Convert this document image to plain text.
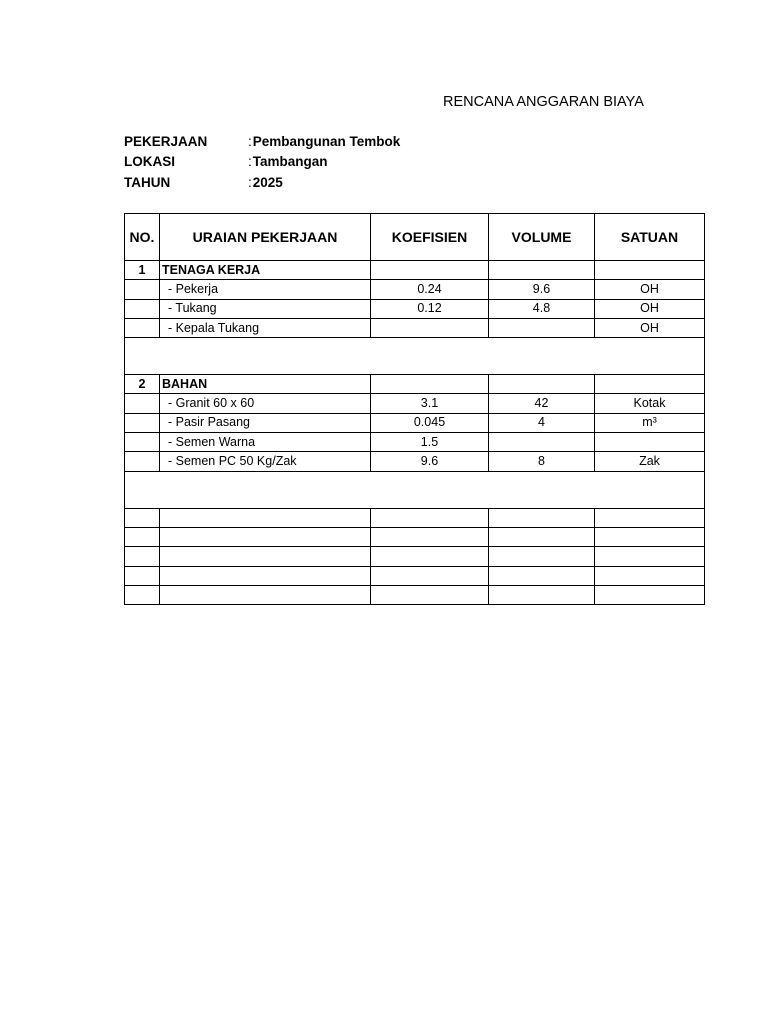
RENCANA ANGGARAN BIAYA
PEKERJAAN	:Pembangunan Tembok
LOKASI	:Tambangan
TAHUN	:2025
NO.	URAIAN PEKERJAAN	KOEFISIEN	VOLUME	SATUAN
1	TENAGA KERJA			
	- Pekerja	0.24	9.6	OH
	- Tukang	0.12	4.8	OH
	- Kepala Tukang			OH

2	BAHAN			
	- Granit 60 x 60	3.1	42	Kotak
	- Pasir Pasang	0.045	4	m³
	- Semen Warna	1.5		
	- Semen PC 50 Kg/Zak	9.6	8	Zak
